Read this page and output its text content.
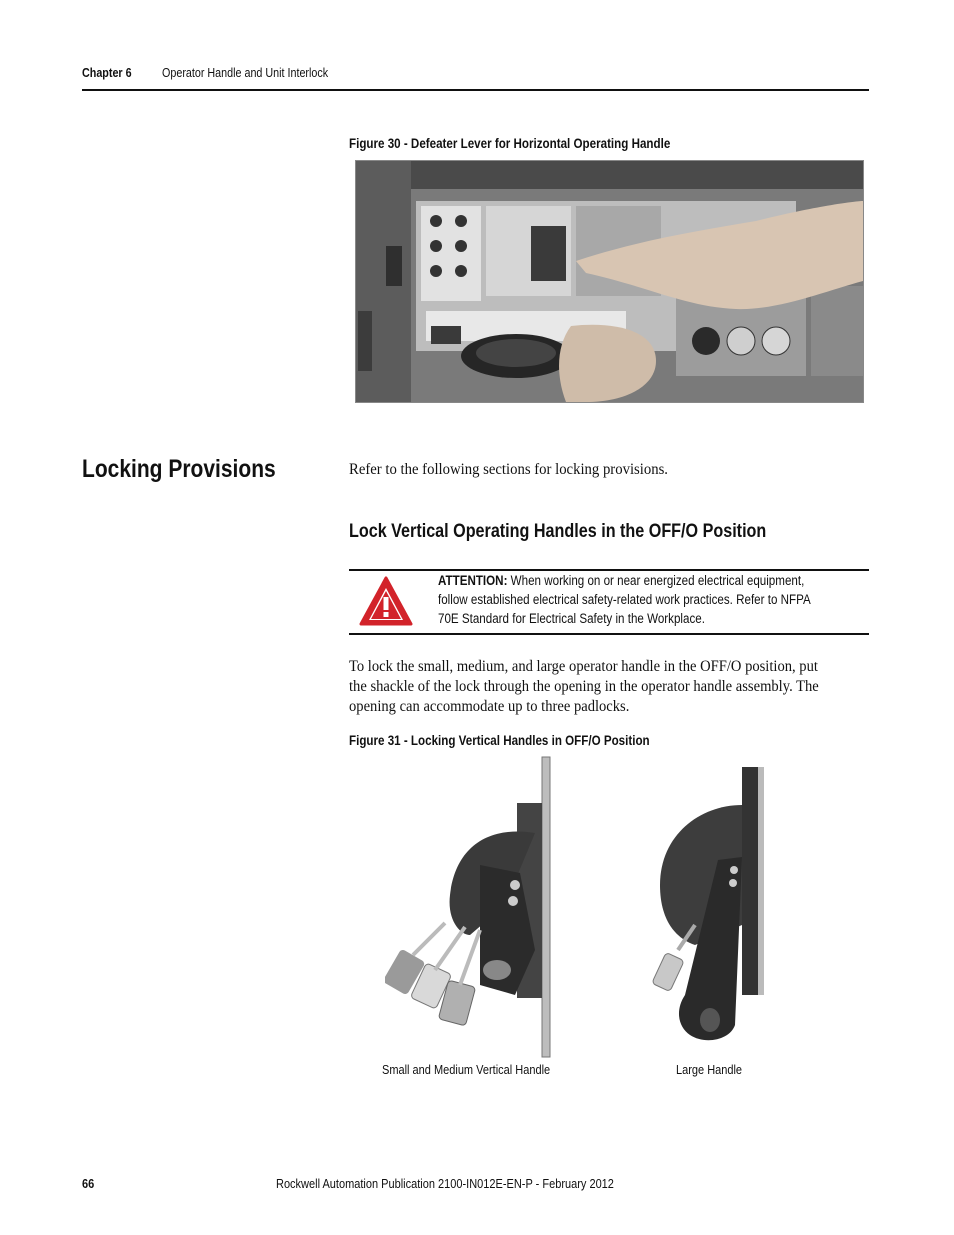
Chapter 6	Operator Handle and Unit Interlock
Figure 30 - Defeater Lever for Horizontal Operating Handle
Locking Provisions	Refer to the following sections for locking provisions.
Lock Vertical Operating Handles in the OFF/O Position
ATTENTION: When working on or near energized electrical equipment,
follow established electrical safety-related work practices. Refer to NFPA
70E Standard for Electrical Safety in the Workplace.
To lock the small, medium, and large operator handle in the OFF/O position, put
the shackle of the lock through the opening in the operator handle assembly. The
opening can accommodate up to three padlocks.
Figure 31 - Locking Vertical Handles in OFF/O Position
Small and Medium Vertical Handle	Large Handle
66	Rockwell Automation Publication 2100-IN012E-EN-P - February 2012
